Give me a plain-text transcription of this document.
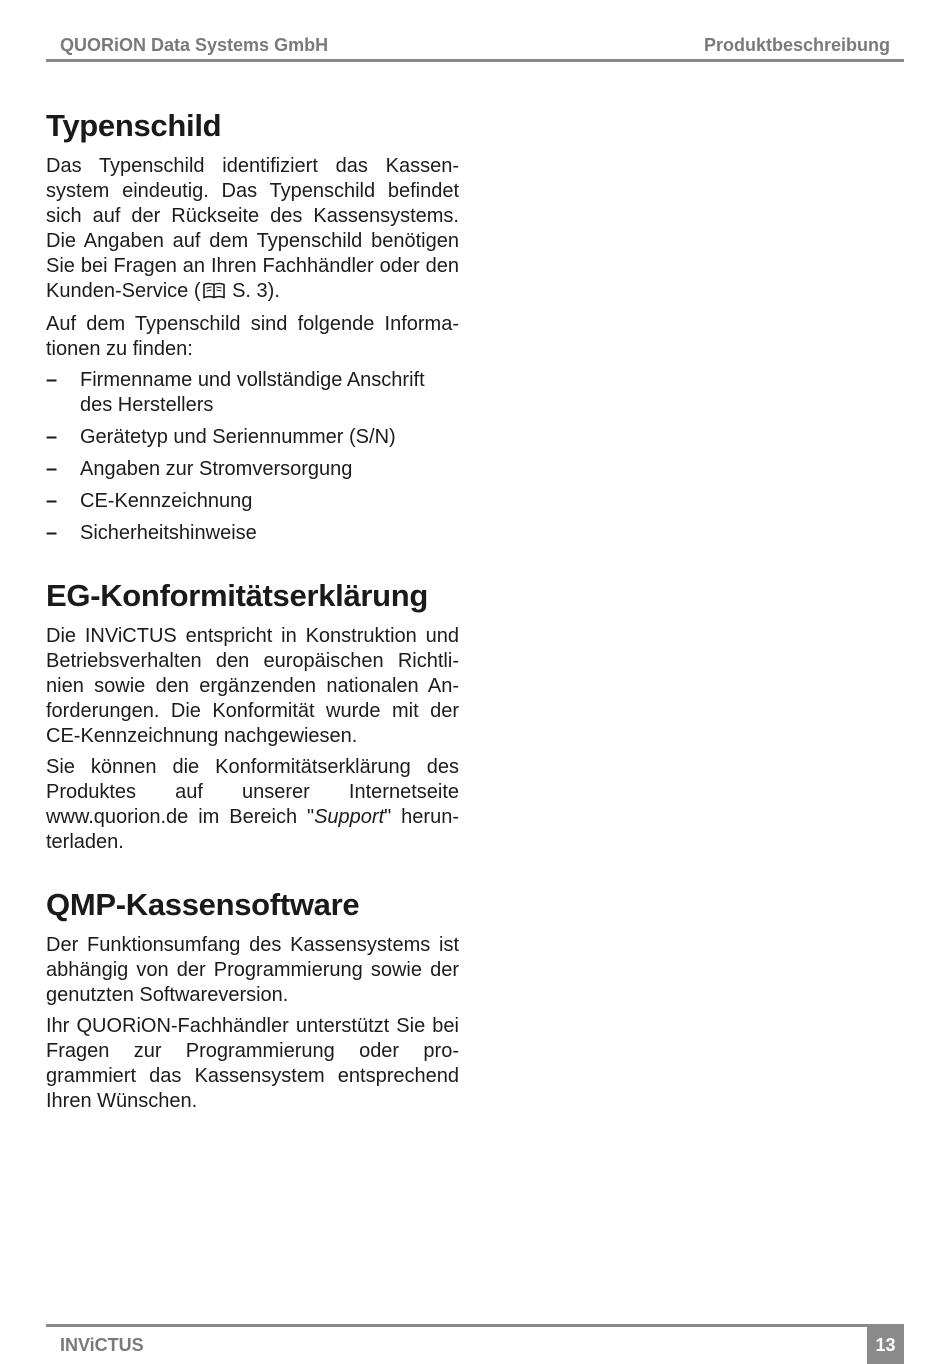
QUORiON Data Systems GmbH	Produktbeschreibung
Typenschild

Das Typenschild identifiziert das Kassensystem eindeutig. Das Typenschild befindet sich auf der Rückseite des Kassensystems. Die Angaben auf dem Typenschild benötigen Sie bei Fragen an Ihren Fachhändler oder den Kunden-Service ( S. 3).

Auf dem Typenschild sind folgende Informationen zu finden:

– Firmenname und vollständige Anschrift des Herstellers
– Gerätetyp und Seriennummer (S/N)
– Angaben zur Stromversorgung
– CE-Kennzeichnung
– Sicherheitshinweise
EG-Konformitätserklärung

Die INViCTUS entspricht in Konstruktion und Betriebsverhalten den europäischen Richtlinien sowie den ergänzenden nationalen Anforderungen. Die Konformität wurde mit der CE-Kennzeichnung nachgewiesen.

Sie können die Konformitätserklärung des Produktes auf unserer Internetseite www.quorion.de im Bereich "Support" herunterladen.

QMP-Kassensoftware

Der Funktionsumfang des Kassensystems ist abhängig von der Programmierung sowie der genutzten Softwareversion.

Ihr QUORiON-Fachhändler unterstützt Sie bei Fragen zur Programmierung oder programmiert das Kassensystem entsprechend Ihren Wünschen.

INViCTUS	13
